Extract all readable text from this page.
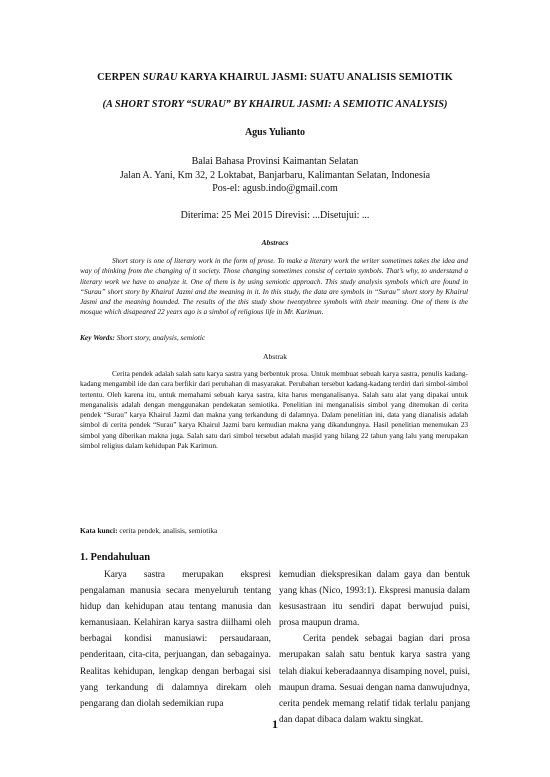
CERPEN SURAU KARYA KHAIRUL JASMI: SUATU ANALISIS SEMIOTIK
(A SHORT STORY “SURAU” BY KHAIRUL JASMI: A SEMIOTIC ANALYSIS)
Agus Yulianto
Balai Bahasa Provinsi Kaimantan Selatan
Jalan A. Yani, Km 32, 2 Loktabat, Banjarbaru, Kalimantan Selatan, Indonesia
Pos-el: agusb.indo@gmail.com
Diterima: 25 Mei 2015 Direvisi: ...Disetujui: ...
Abstracs

Short story is one of literary work in the form of prose. To make a literary work the writer sometimes takes the idea and way of thinking from the changing of it society. Those changing sometimes consist of certain symbols. That’s why, to understand a literary work we have to analyze it. One of them is by using semiotic approach. This study analysis symbols which are found in “Surau” short story by Khairul Jazmi and the meaning in it. In this study, the data are symbols in “Surau” short story by Khairul Jasmi and the meaning bounded. The results of the this study show twentythree symbols with their meaning. One of them is the mosque which disapeared 22 years ago is a simbol of religious life in Mr. Karimun.

Key Words: Short story, analysis, semiotic
Abstrak

Cerita pendek adalah salah satu karya sastra yang berbentuk prosa. Untuk membuat sebuah karya sastra, penulis kadang-kadang mengambil ide dan cara berfikir dari perubahan di masyarakat. Perubahan tersebut kadang-kadang terdiri dari simbol-simbol tertentu. Oleh karena itu, untuk memahami sebuah karya sastra, kita harus menganalisanya. Salah satu alat yang dipakai untuk menganalisis adalah dengan menggunakan pendekatan semiotika. Penelitian ini menganalisis simbol yang ditemukan di cerita pendek “Surau” karya Khairul Jazmi dan makna yang terkandung di dalamnya. Dalam penelitian ini, data yang dianalisis adalah simbol di cerita pendek “Surau” karya Khairul Jazmi baru kemudian makna yang dikandungnya. Hasil penelitian menemukan 23 simbol yang diberikan makna juga. Salah satu dari simbol tersebut adalah masjid yang hilang 22 tahun yang lalu yang merupakan simbol religius dalam kehidupan Pak Karimun.

Kata kunci: cerita pendek, analisis, semiotika
1. Pendahuluan

Karya sastra merupakan ekspresi pengalaman manusia secara menyeluruh tentang hidup dan kehidupan atau tentang manusia dan kemanusiaan. Kelahiran karya sastra diilhami oleh berbagai kondisi manusiawi: persaudaraan, penderitaan, cita-cita, perjuangan, dan sebagainya. Realitas kehidupan, lengkap dengan berbagai sisi yang terkandung di dalamnya direkam oleh pengarang dan diolah sedemikian rupa

kemudian diekspresikan dalam gaya dan bentuk yang khas (Nico, 1993:1). Ekspresi manusia dalam kesusastraan itu sendiri dapat berwujud puisi, prosa maupun drama.

Cerita pendek sebagai bagian dari prosa merupakan salah satu bentuk karya sastra yang telah diakui keberadaannya disamping novel, puisi, maupun drama. Sesuai dengan nama danwujudnya, cerita pendek memang relatif tidak terlalu panjang dan dapat dibaca dalam waktu singkat.

1
